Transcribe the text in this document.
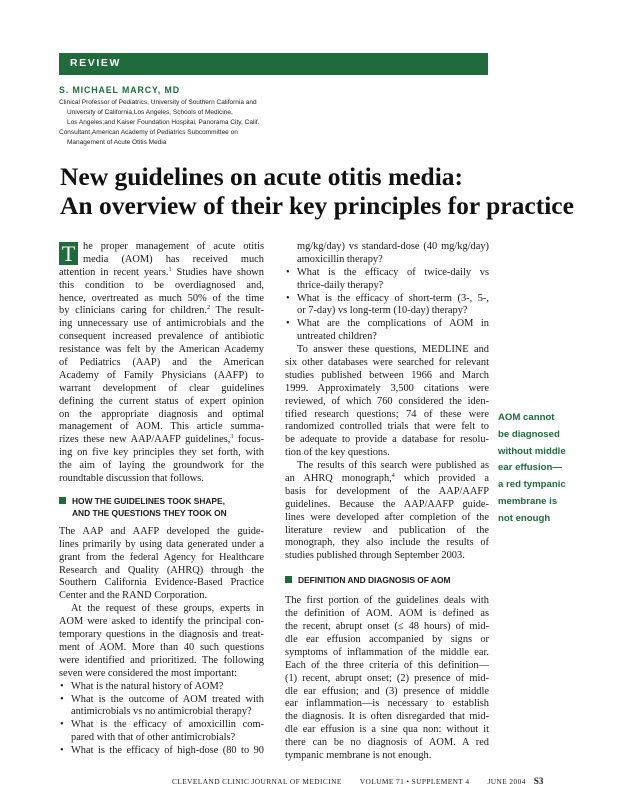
REVIEW
S. MICHAEL MARCY, MD
Clinical Professor of Pediatrics, University of Southern California and
University of California,Los Angeles, Schools of Medicine,
Los Angeles;and Kaiser Foundation Hospital, Panorama City, Calif.
Consultant,American Academy of Pediatrics Subcommittee on
Management of Acute Otitis Media
New guidelines on acute otitis media:
An overview of their key principles for practice
T he proper management of acute otitis
media (AOM) has received much
attention in recent years.$^1$ Studies have shown
this condition to be overdiagnosed and,
hence, overtreated as much 50% of the time
by clinicians caring for children.$^2$ The result-
ing unnecessary use of antimicrobials and the
consequent increased prevalence of antibiotic
resistance was felt by the American Academy
of Pediatrics (AAP) and the American
Academy of Family Physicians (AAFP) to
warrant development of clear guidelines
defining the current status of expert opinion
on the appropriate diagnosis and optimal
management of AOM. This article summa-
rizes these new AAP/AAFP guidelines,$^3$ focus-
ing on five key principles they set forth, with
the aim of laying the groundwork for the
roundtable discussion that follows.
HOW THE GUIDELINES TOOK SHAPE,
AND THE QUESTIONS THEY TOOK ON
The AAP and AAFP developed the guide-
lines primarily by using data generated under a
grant from the federal Agency for Healthcare
Research and Quality (AHRQ) through the
Southern California Evidence-Based Practice
Center and the RAND Corporation.
At the request of these groups, experts in
AOM were asked to identify the principal con-
temporary questions in the diagnosis and treat-
ment of AOM. More than 40 such questions
were identified and prioritized. The following
seven were considered the most important:
• What is the natural history of AOM?
• What is the outcome of AOM treated with
antimicrobials vs no antimicrobial therapy?
• What is the efficacy of amoxicillin com-
pared with that of other antimicrobials?
• What is the efficacy of high-dose (80 to 90
mg/kg/day) vs standard-dose (40 mg/kg/day)
amoxicillin therapy?
• What is the efficacy of twice-daily vs
thrice-daily therapy?
• What is the efficacy of short-term (3-, 5-,
or 7-day) vs long-term (10-day) therapy?
• What are the complications of AOM in
untreated children?
To answer these questions, MEDLINE and
six other databases were searched for relevant
studies published between 1966 and March
1999. Approximately 3,500 citations were
reviewed, of which 760 considered the iden-
tified research questions; 74 of these were
randomized controlled trials that were felt to
be adequate to provide a database for resolu-
tion of the key questions.
The results of this search were published as
an AHRQ monograph,$^4$ which provided a
basis for development of the AAP/AAFP
guidelines. Because the AAP/AAFP guide-
lines were developed after completion of the
literature review and publication of the
monograph, they also include the results of
studies published through September 2003.
DEFINITION AND DIAGNOSIS OF AOM
The first portion of the guidelines deals with
the definition of AOM. AOM is defined as
the recent, abrupt onset (≤ 48 hours) of mid-
dle ear effusion accompanied by signs or
symptoms of inflammation of the middle ear.
Each of the three criteria of this definition—
(1) recent, abrupt onset; (2) presence of mid-
dle ear effusion; and (3) presence of middle
ear inflammation—is necessary to establish
the diagnosis. It is often disregarded that mid-
dle ear effusion is a sine qua non: without it
there can be no diagnosis of AOM. A red
tympanic membrane is not enough.
AOM cannot
be diagnosed
without middle
ear effusion—
a red tympanic
membrane is
not enough
CLEVELAND CLINIC JOURNAL OF MEDICINE VOLUME 71 • SUPPLEMENT 4 JUNE 2004 S3
